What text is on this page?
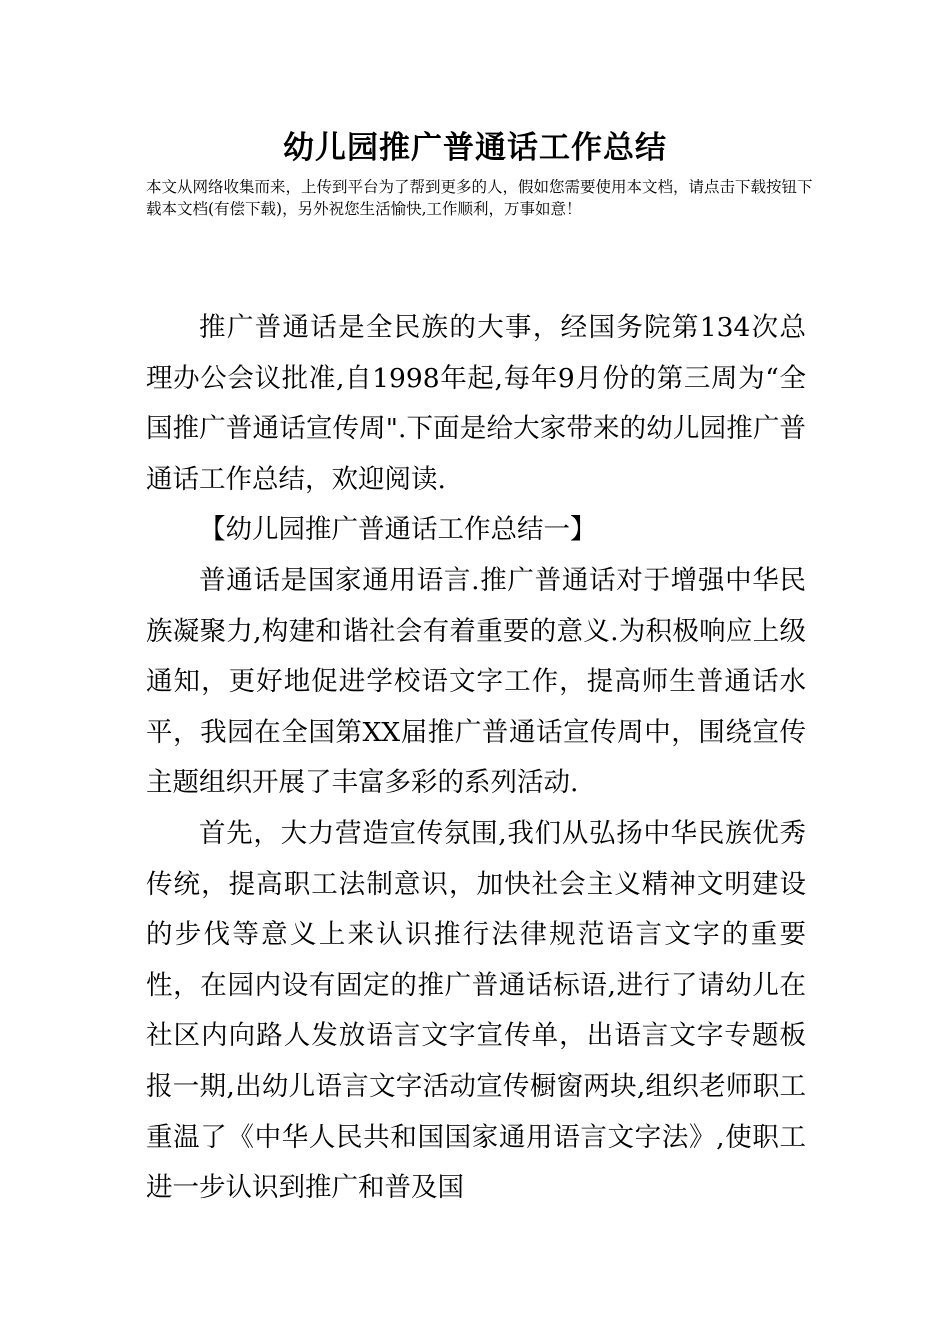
幼儿园推广普通话工作总结
本文从网络收集而来，上传到平台为了帮到更多的人，假如您需要使用本文档，请点击下载按钮下载本文档(有偿下载)，另外祝您生活愉快,工作顺利，万事如意！

推广普通话是全民族的大事，经国务院第134次总理办公会议批准,自1998年起,每年9月份的第三周为“全国推广普通话宣传周".下面是给大家带来的幼儿园推广普通话工作总结，欢迎阅读.

【幼儿园推广普通话工作总结一】

普通话是国家通用语言.推广普通话对于增强中华民族凝聚力,构建和谐社会有着重要的意义.为积极响应上级通知，更好地促进学校语文字工作，提高师生普通话水平，我园在全国第XX届推广普通话宣传周中，围绕宣传主题组织开展了丰富多彩的系列活动.

首先，大力营造宣传氛围,我们从弘扬中华民族优秀传统，提高职工法制意识，加快社会主义精神文明建设的步伐等意义上来认识推行法律规范语言文字的重要性，在园内设有固定的推广普通话标语,进行了请幼儿在社区内向路人发放语言文字宣传单，出语言文字专题板报一期,出幼儿语言文字活动宣传橱窗两块,组织老师职工重温了《中华人民共和国国家通用语言文字法》,使职工进一步认识到推广和普及国
